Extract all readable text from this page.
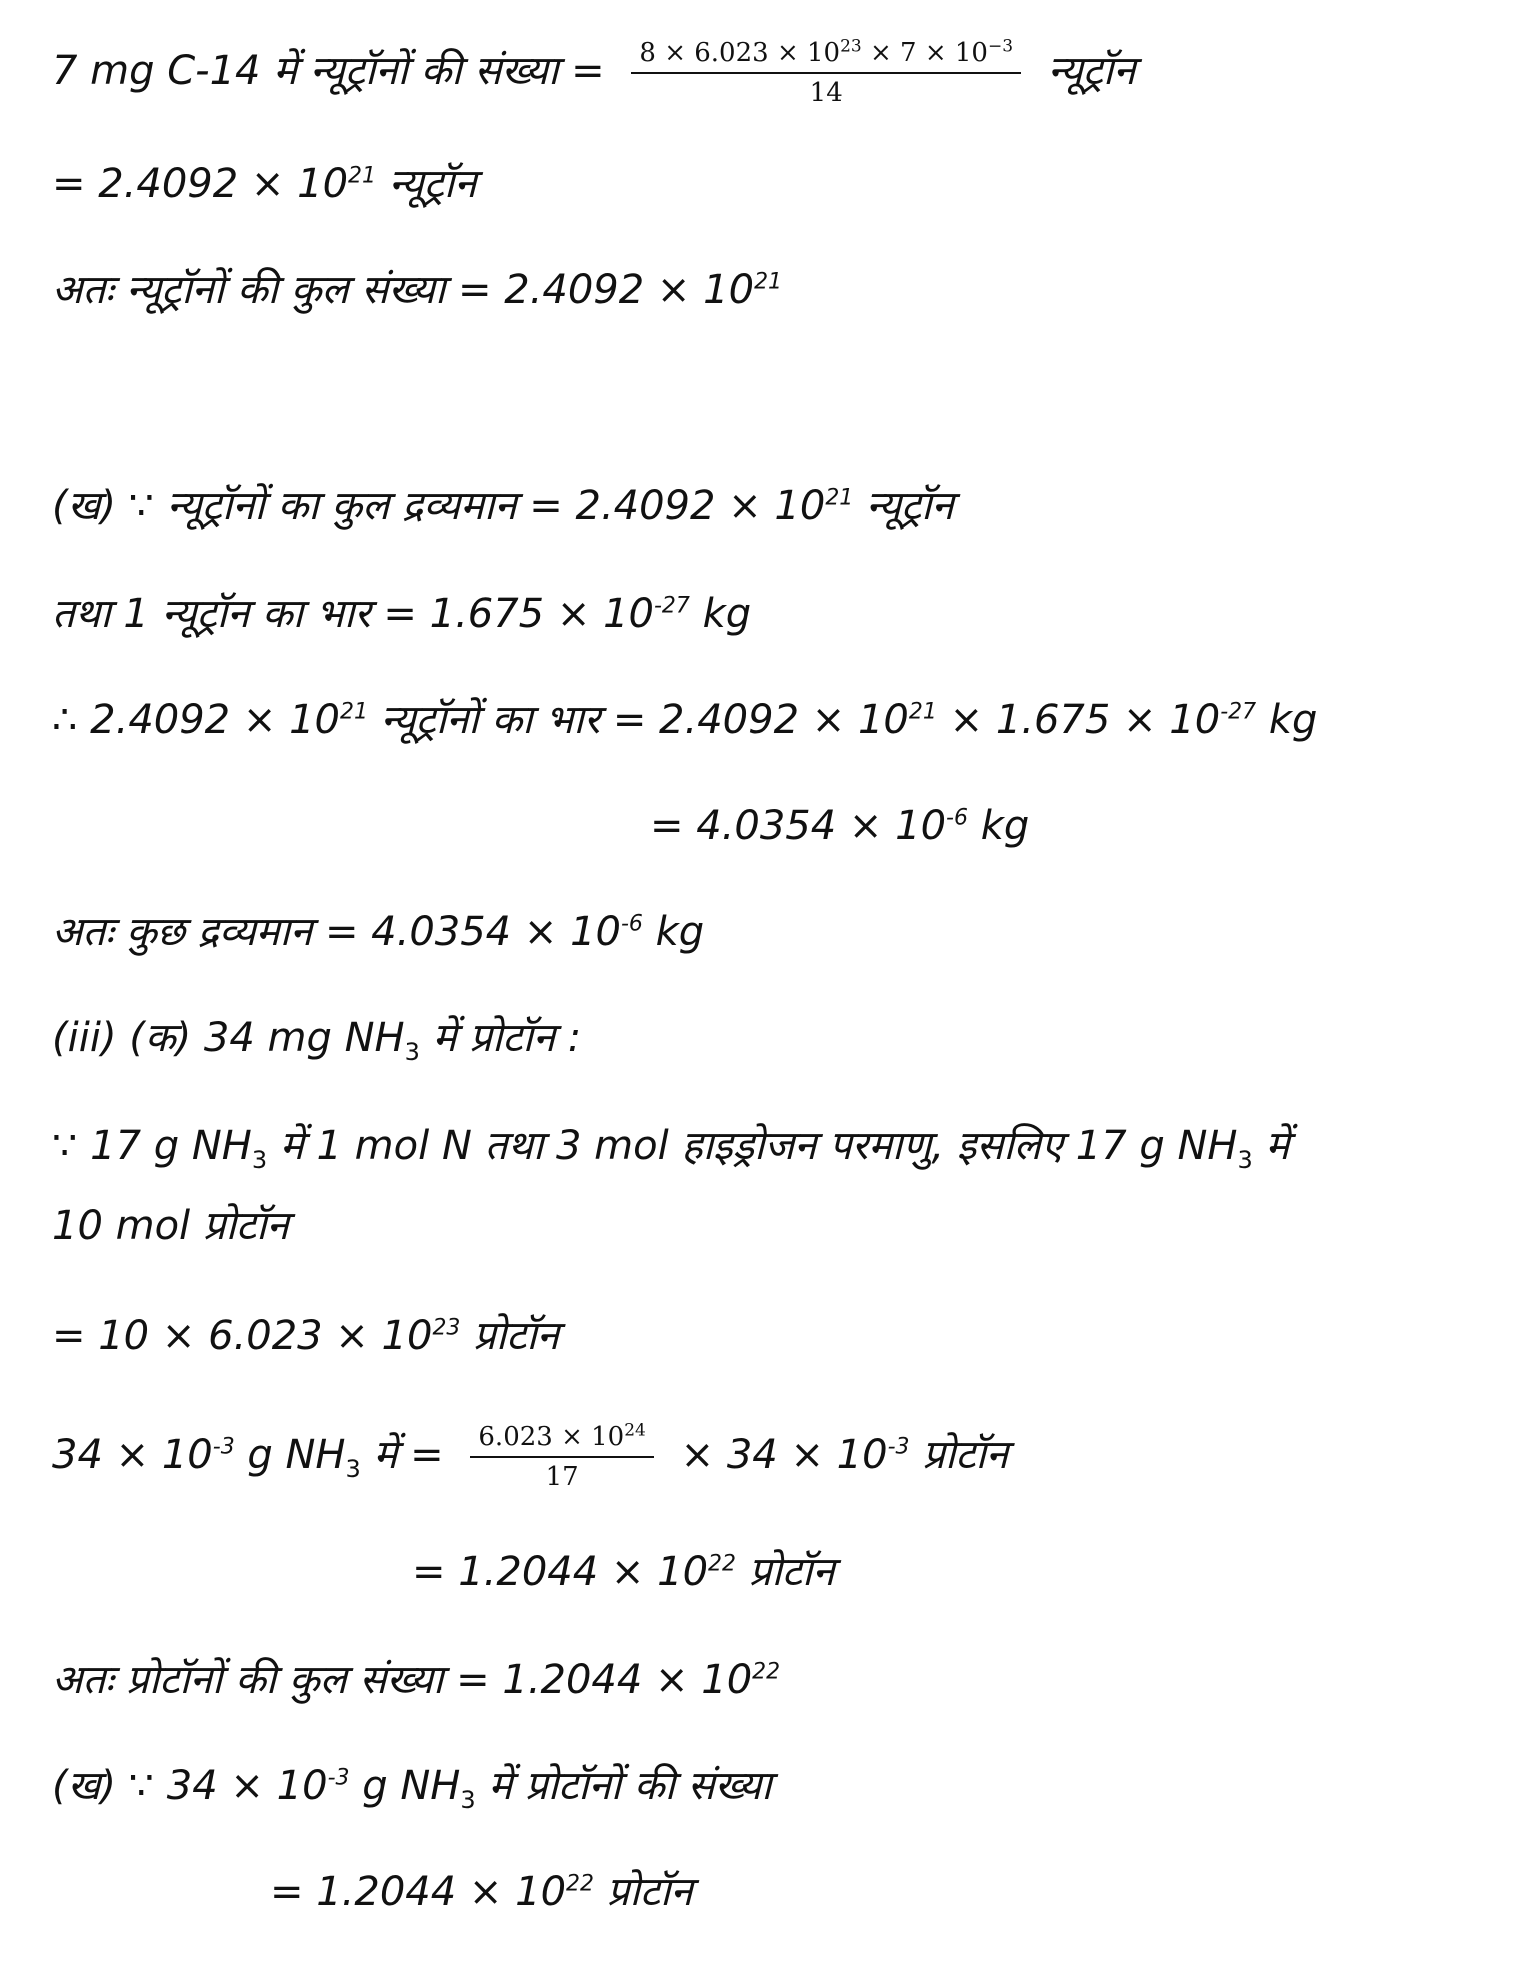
7 mg C-14 में न्यूट्रॉनों की संख्या = $\frac{8 \times 6.023 \times 10^{23} \times 7 \times 10^{-3}}{14}$ न्यूट्रॉन
= $2.4092 \times 10^{21}$ न्यूट्रॉन
अतः न्यूट्रॉनों की कुल संख्या = $2.4092 \times 10^{21}$
(ख) ∵ न्यूट्रॉनों का कुल द्रव्यमान = $2.4092 \times 10^{21}$ न्यूट्रॉन
तथा 1 न्यूट्रॉन का भार = $1.675 \times 10^{-27}$ kg
∴ $2.4092 \times 10^{21}$ न्यूट्रॉनों का भार = $2.4092 \times 10^{21} \times 1.675 \times 10^{-27}$ kg
= $4.0354 \times 10^{-6}$ kg
अतः कुछ द्रव्यमान = $4.0354 \times 10^{-6}$ kg
(iii) (क) 34 mg $NH_3$ में प्रोटॉन :
∵ 17 g $NH_3$ में 1 mol N तथा 3 mol हाइड्रोजन परमाणु, इसलिए 17 g $NH_3$ में
10 mol प्रोटॉन
= $10 \times 6.023 \times 10^{23}$ प्रोटॉन
$34 \times 10^{-3}$ g $NH_3$ में = $\frac{6.023 \times 10^{24}}{17} \times 34 \times 10^{-3}$ प्रोटॉन
= $1.2044 \times 10^{22}$ प्रोटॉन
अतः प्रोटॉनों की कुल संख्या = $1.2044 \times 10^{22}$
(ख) ∵ $34 \times 10^{-3}$ g $NH_3$ में प्रोटॉनों की संख्या
= $1.2044 \times 10^{22}$ प्रोटॉन
